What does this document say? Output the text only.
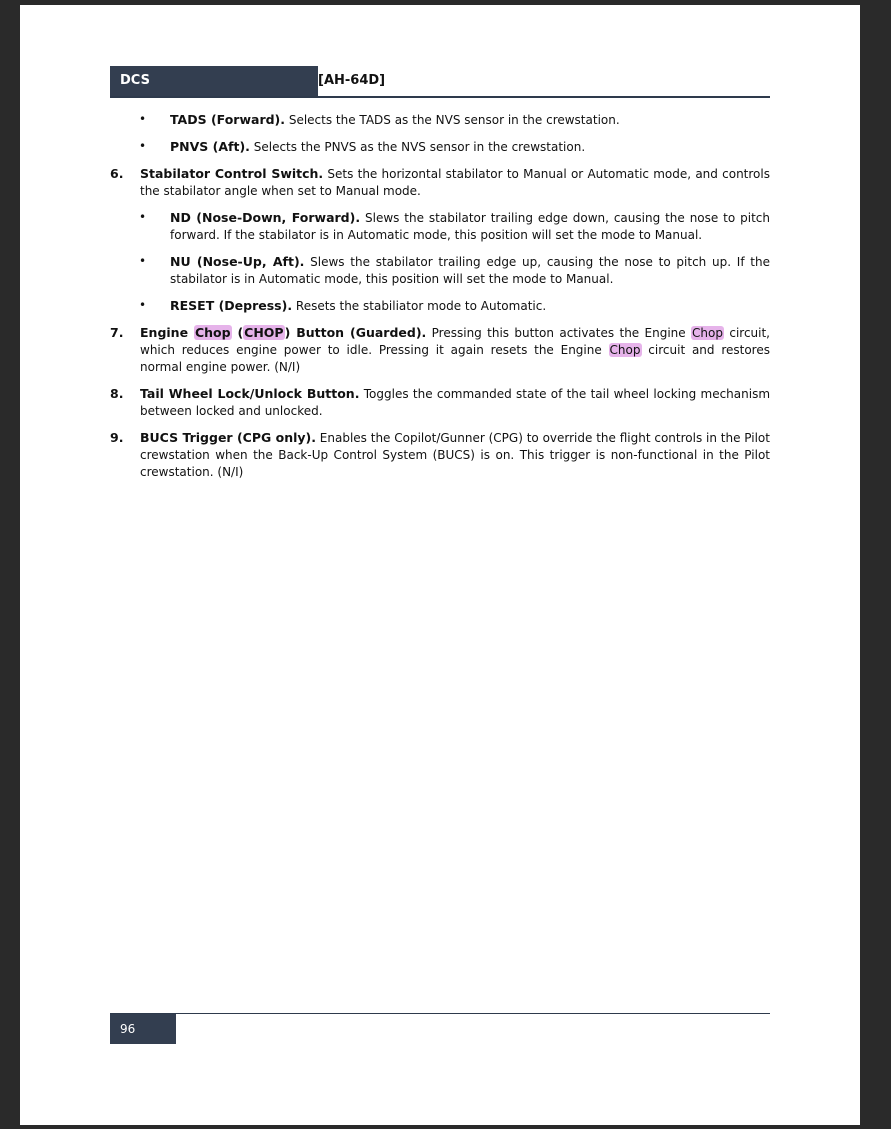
DCS	[AH-64D]
• TADS (Forward). Selects the TADS as the NVS sensor in the crewstation.
• PNVS (Aft). Selects the PNVS as the NVS sensor in the crewstation.
6. Stabilator Control Switch. Sets the horizontal stabilator to Manual or Automatic mode, and controls the stabilator angle when set to Manual mode.
• ND (Nose-Down, Forward). Slews the stabilator trailing edge down, causing the nose to pitch forward. If the stabilator is in Automatic mode, this position will set the mode to Manual.
• NU (Nose-Up, Aft). Slews the stabilator trailing edge up, causing the nose to pitch up. If the stabilator is in Automatic mode, this position will set the mode to Manual.
• RESET (Depress). Resets the stabiliator mode to Automatic.
7. Engine Chop (CHOP) Button (Guarded). Pressing this button activates the Engine Chop circuit, which reduces engine power to idle. Pressing it again resets the Engine Chop circuit and restores normal engine power. (N/I)
8. Tail Wheel Lock/Unlock Button. Toggles the commanded state of the tail wheel locking mechanism between locked and unlocked.
9. BUCS Trigger (CPG only). Enables the Copilot/Gunner (CPG) to override the flight controls in the Pilot crewstation when the Back-Up Control System (BUCS) is on. This trigger is non-functional in the Pilot crewstation. (N/I)
96
